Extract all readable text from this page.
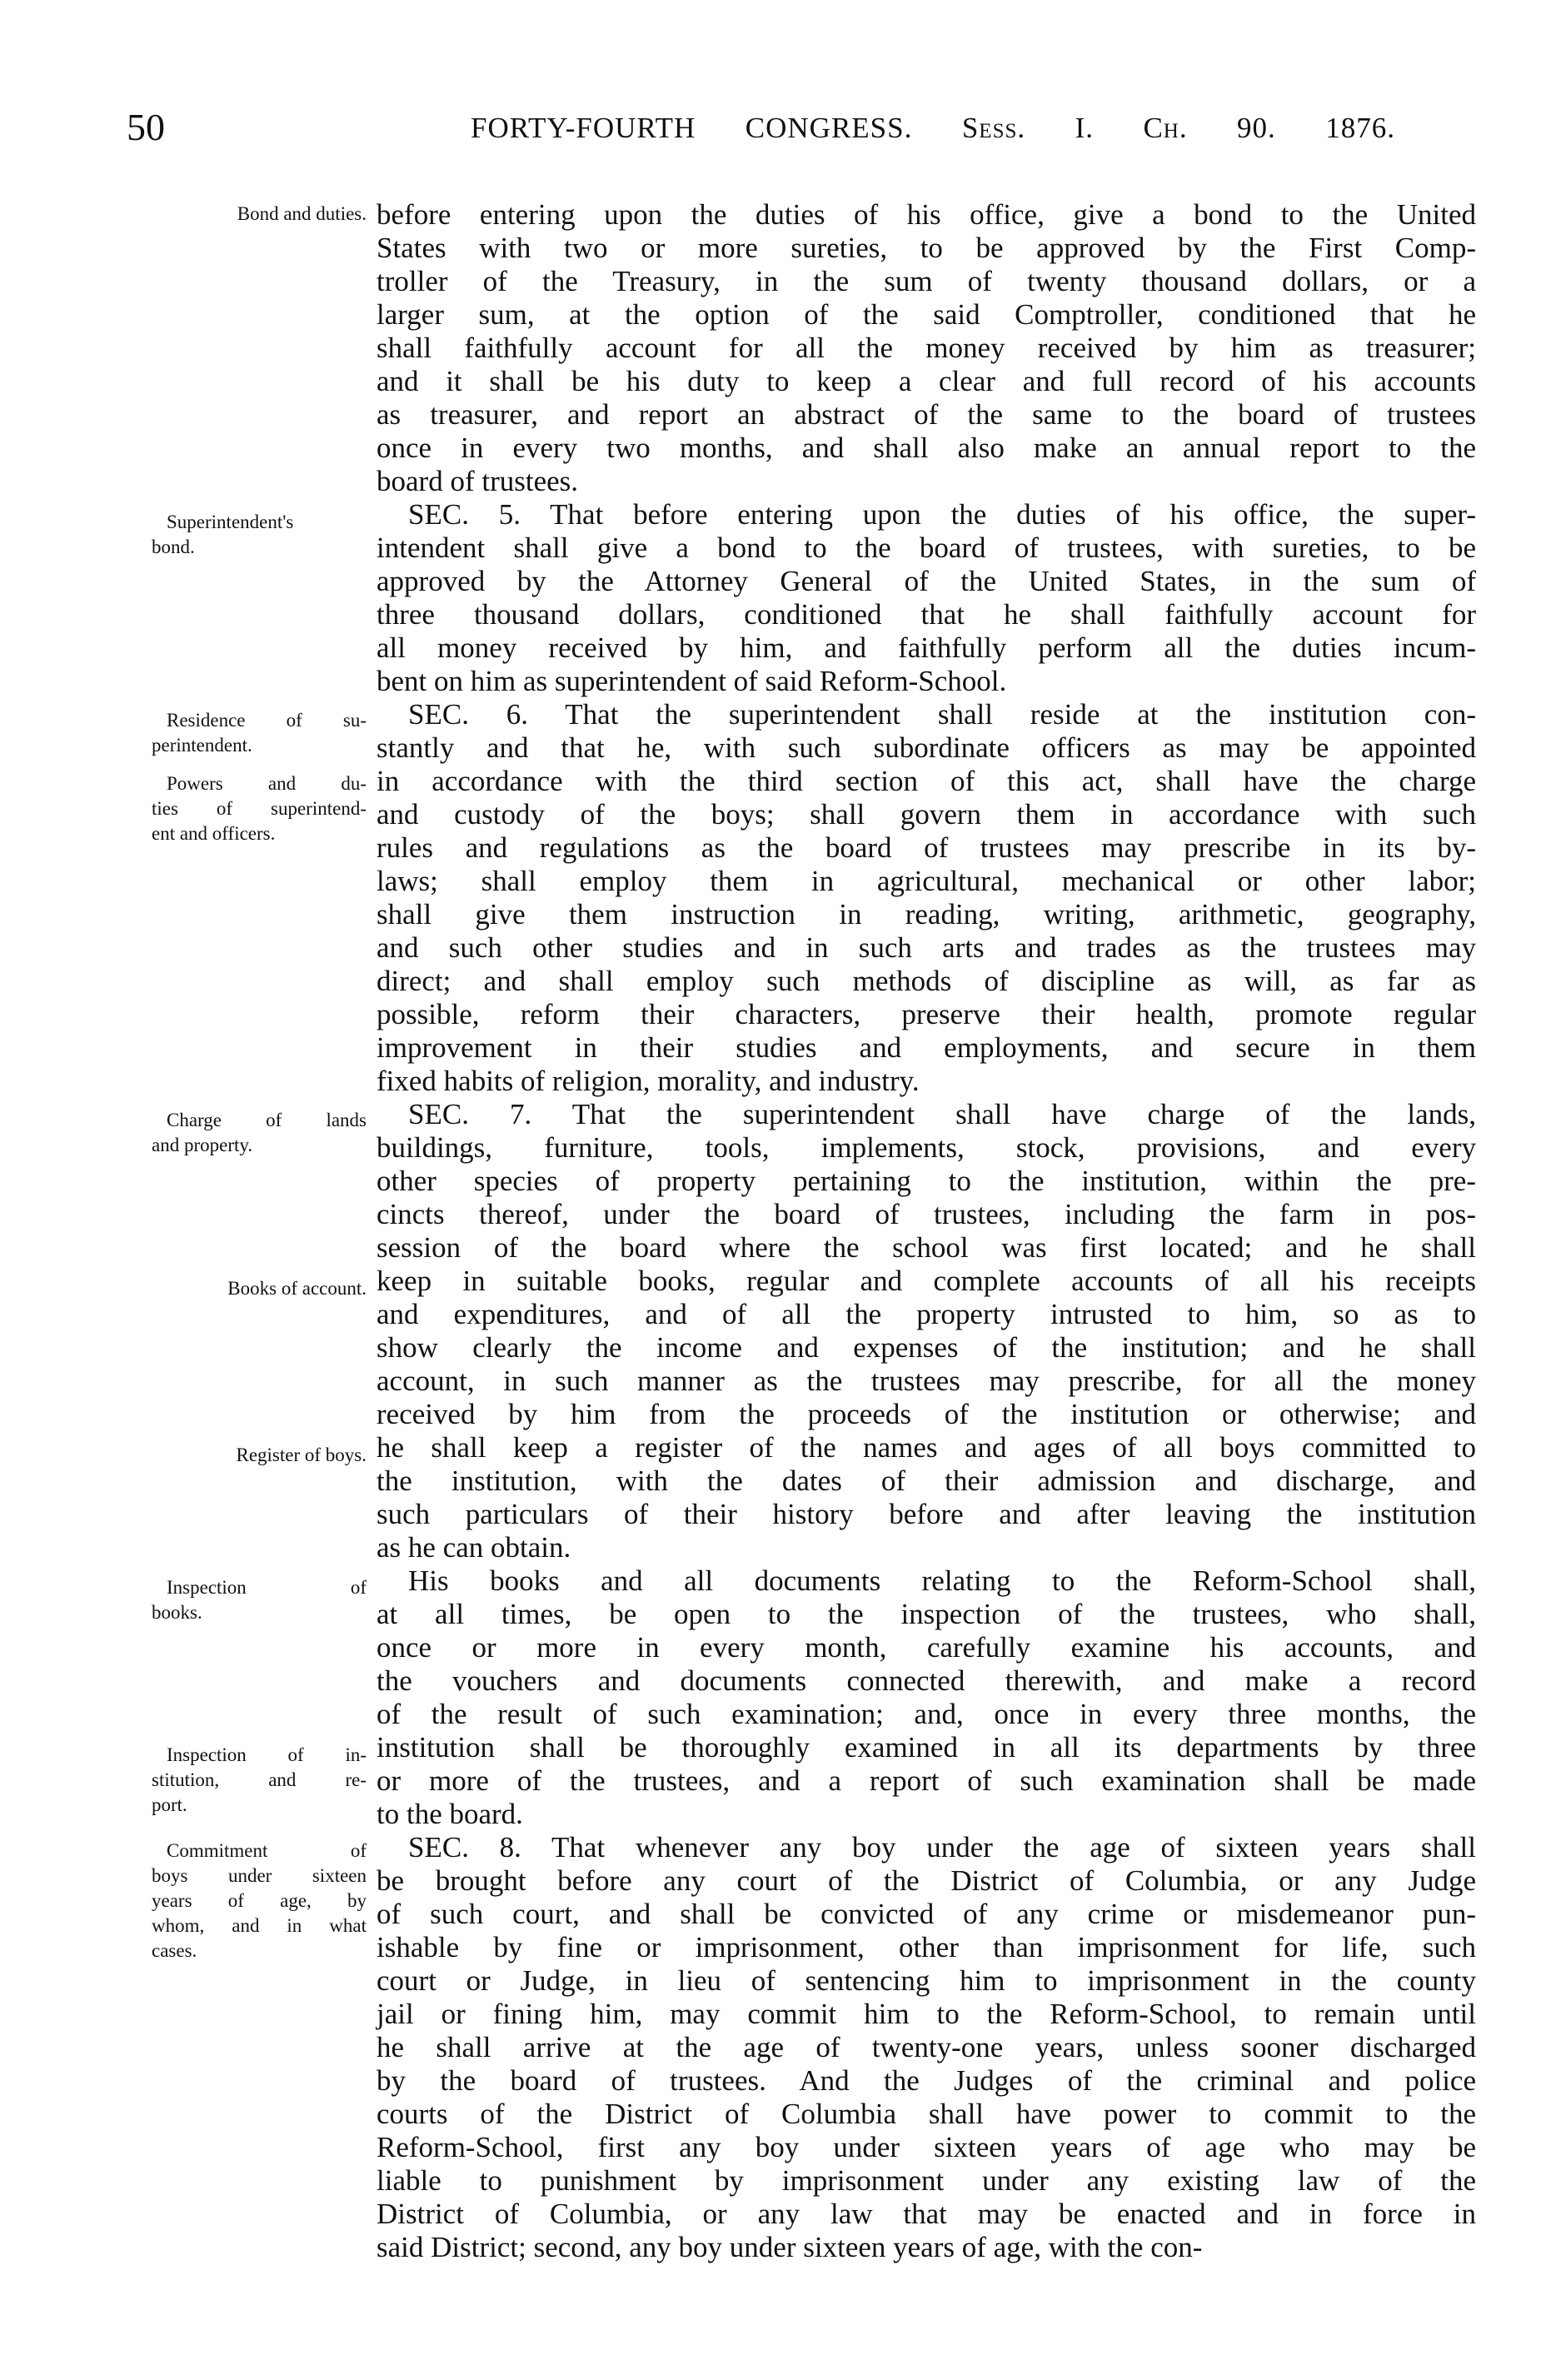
50	FORTY-FOURTH CONGRESS. Sess. I. Ch. 90. 1876.
Bond and duties.
Superintendent's
bond.
Residence of su-
perintendent.
Powers and du-
ties of superintend-
ent and officers.
Charge of lands
and property.
Books of account.
Register of boys.
Inspection of
books.
Inspection of in-
stitution, and re-
port.
Commitment of
boys under sixteen
years of age, by
whom, and in what
cases.
before entering upon the duties of his office, give a bond to the United
States with two or more sureties, to be approved by the First Comp-
troller of the Treasury, in the sum of twenty thousand dollars, or a
larger sum, at the option of the said Comptroller, conditioned that he
shall faithfully account for all the money received by him as treasurer;
and it shall be his duty to keep a clear and full record of his accounts
as treasurer, and report an abstract of the same to the board of trustees
once in every two months, and shall also make an annual report to the
board of trustees.
SEC. 5. That before entering upon the duties of his office, the super-
intendent shall give a bond to the board of trustees, with sureties, to be
approved by the Attorney General of the United States, in the sum of
three thousand dollars, conditioned that he shall faithfully account for
all money received by him, and faithfully perform all the duties incum-
bent on him as superintendent of said Reform-School.
SEC. 6. That the superintendent shall reside at the institution con-
stantly and that he, with such subordinate officers as may be appointed
in accordance with the third section of this act, shall have the charge
and custody of the boys; shall govern them in accordance with such
rules and regulations as the board of trustees may prescribe in its by-
laws; shall employ them in agricultural, mechanical or other labor;
shall give them instruction in reading, writing, arithmetic, geography,
and such other studies and in such arts and trades as the trustees may
direct; and shall employ such methods of discipline as will, as far as
possible, reform their characters, preserve their health, promote regular
improvement in their studies and employments, and secure in them
fixed habits of religion, morality, and industry.
SEC. 7. That the superintendent shall have charge of the lands,
buildings, furniture, tools, implements, stock, provisions, and every
other species of property pertaining to the institution, within the pre-
cincts thereof, under the board of trustees, including the farm in pos-
session of the board where the school was first located; and he shall
keep in suitable books, regular and complete accounts of all his receipts
and expenditures, and of all the property intrusted to him, so as to
show clearly the income and expenses of the institution; and he shall
account, in such manner as the trustees may prescribe, for all the money
received by him from the proceeds of the institution or otherwise; and
he shall keep a register of the names and ages of all boys committed to
the institution, with the dates of their admission and discharge, and
such particulars of their history before and after leaving the institution
as he can obtain.
His books and all documents relating to the Reform-School shall,
at all times, be open to the inspection of the trustees, who shall,
once or more in every month, carefully examine his accounts, and
the vouchers and documents connected therewith, and make a record
of the result of such examination; and, once in every three months, the
institution shall be thoroughly examined in all its departments by three
or more of the trustees, and a report of such examination shall be made
to the board.
SEC. 8. That whenever any boy under the age of sixteen years shall
be brought before any court of the District of Columbia, or any Judge
of such court, and shall be convicted of any crime or misdemeanor pun-
ishable by fine or imprisonment, other than imprisonment for life, such
court or Judge, in lieu of sentencing him to imprisonment in the county
jail or fining him, may commit him to the Reform-School, to remain until
he shall arrive at the age of twenty-one years, unless sooner discharged
by the board of trustees. And the Judges of the criminal and police
courts of the District of Columbia shall have power to commit to the
Reform-School, first any boy under sixteen years of age who may be
liable to punishment by imprisonment under any existing law of the
District of Columbia, or any law that may be enacted and in force in
said District; second, any boy under sixteen years of age, with the con-
